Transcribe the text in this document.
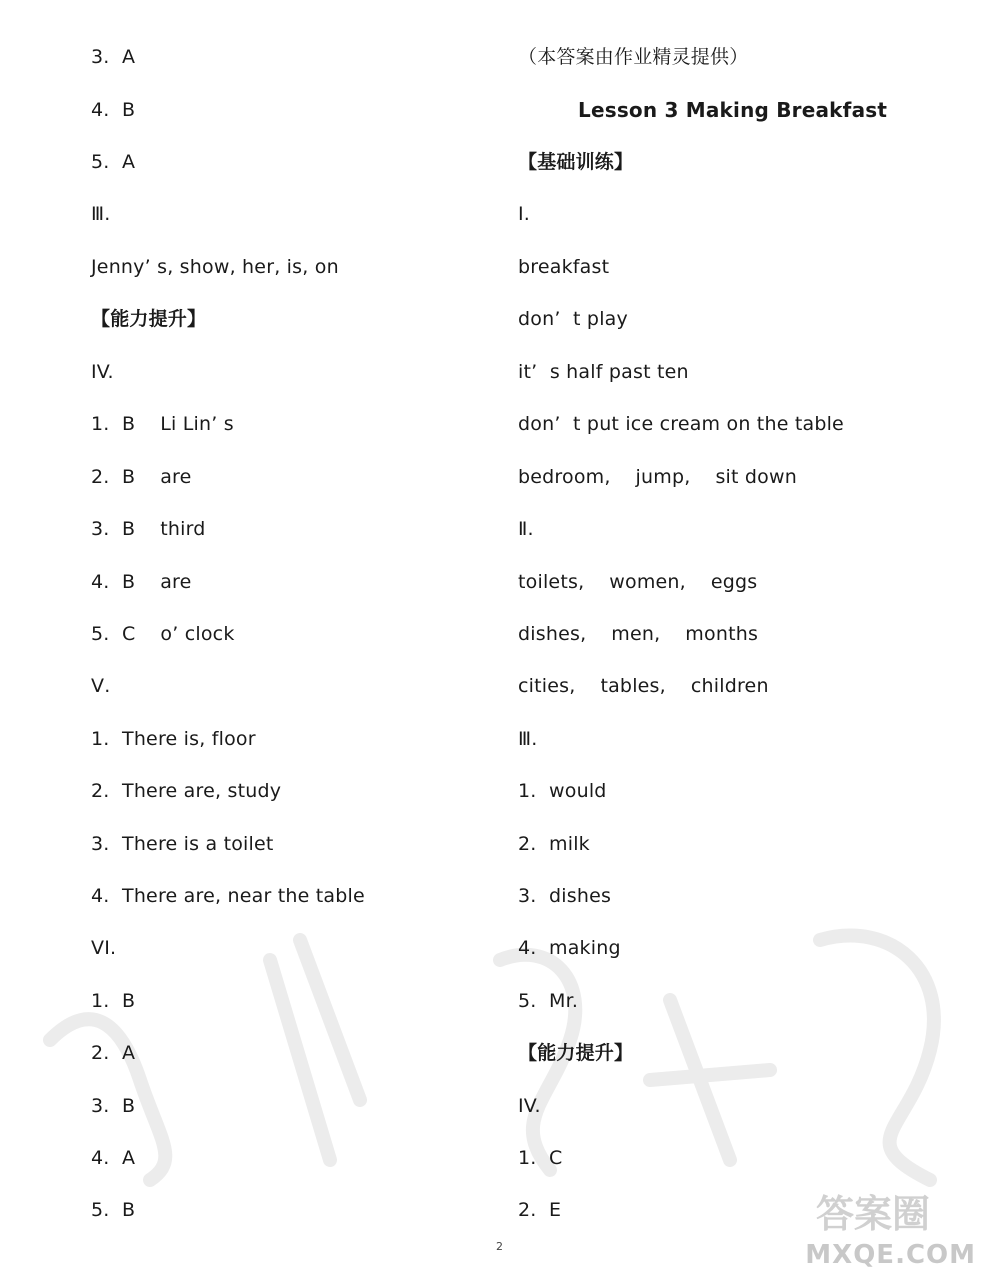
3.  A
4.  B
5.  A
Ⅲ.
Jenny’ s, show, her, is, on
【能力提升】
IV.
1.  B    Li Lin’ s
2.  B    are
3.  B    third
4.  B    are
5.  C    o’ clock
Ⅴ.
1.  There is, floor
2.  There are, study
3.  There is a toilet
4.  There are, near the table
VI.
1.  B
2.  A
3.  B
4.  A
5.  B
（本答案由作业精灵提供）
Lesson 3 Making Breakfast
【基础训练】
Ⅰ.
breakfast
don’  t play
it’  s half past ten
don’  t put ice cream on the table
bedroom,    jump,    sit down
Ⅱ.
toilets,    women,    eggs
dishes,    men,    months
cities,    tables,    children
Ⅲ.
1.  would
2.  milk
3.  dishes
4.  making
5.  Mr.
【能力提升】
IV.
1.  C
2.  E
2
答案圈
MXQE.COM
